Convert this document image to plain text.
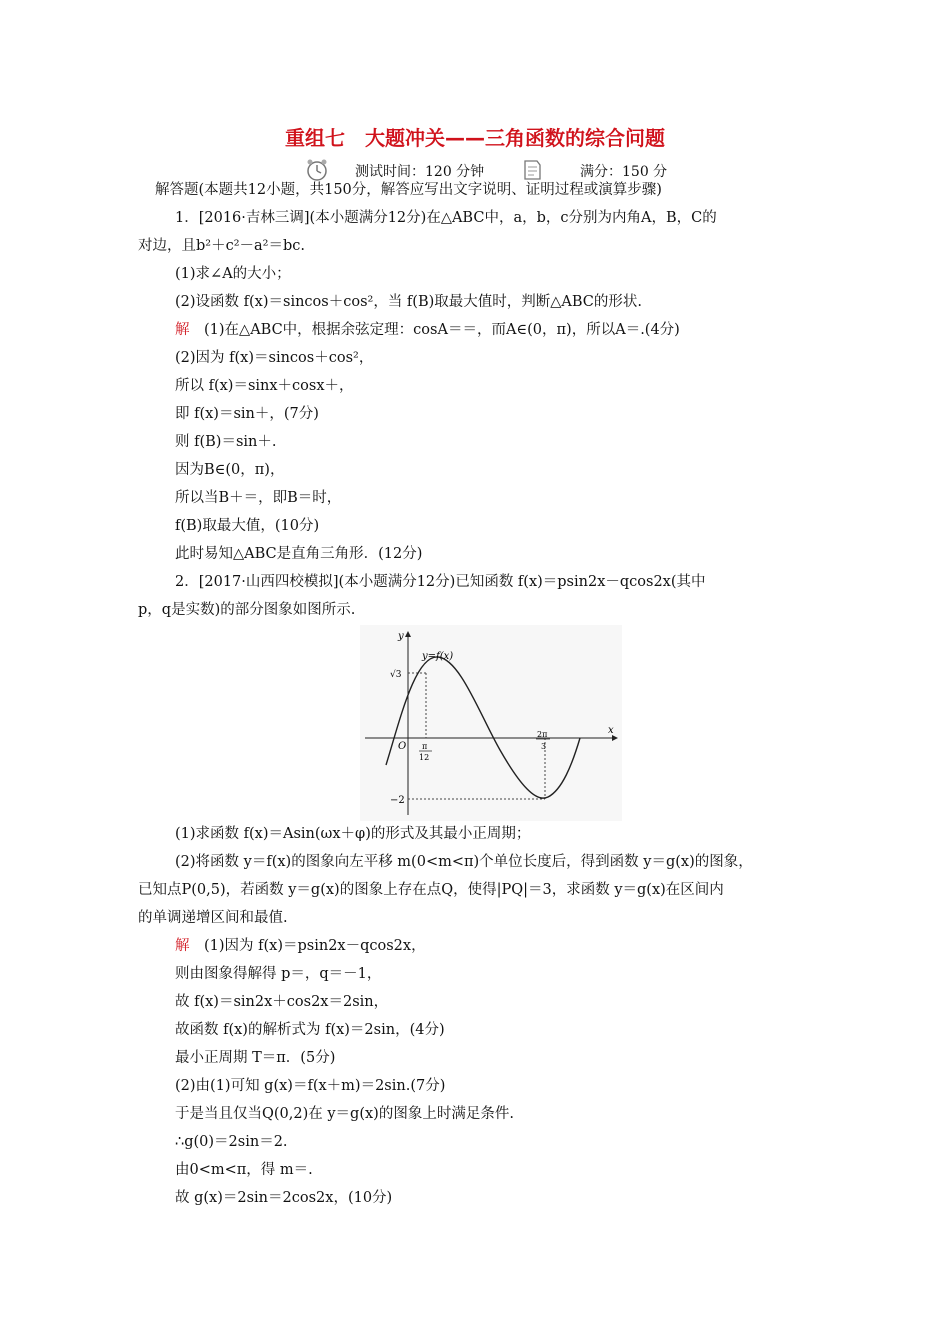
重组七　大题冲关——三角函数的综合问题
测试时间：120 分钟	满分：150 分
解答题(本题共12小题，共150分，解答应写出文字说明、证明过程或演算步骤)
1．[2016·吉林三调](本小题满分12分)在△ABC中，a，b，c分别为内角A，B，C的
对边，且b²＋c²－a²＝bc.
(1)求∠A的大小；
(2)设函数 f(x)＝sincos＋cos²，当 f(B)取最大值时，判断△ABC的形状.
解　(1)在△ABC中，根据余弦定理：cosA＝＝，而A∈(0，π)，所以A＝.(4分)
(2)因为 f(x)＝sincos＋cos²，
所以 f(x)＝sinx＋cosx＋，
即 f(x)＝sin＋，(7分)
则 f(B)＝sin＋.
因为B∈(0，π)，
所以当B＋＝，即B＝时，
f(B)取最大值，(10分)
此时易知△ABC是直角三角形．(12分)
2．[2017·山西四校模拟](本小题满分12分)已知函数 f(x)＝psin2x－qcos2x(其中
p，q是实数)的部分图象如图所示.
y
x
O
y=f(x)
√3
−2
π
12
2π
3
(1)求函数 f(x)＝Asin(ωx＋φ)的形式及其最小正周期；
(2)将函数 y＝f(x)的图象向左平移 m(0<m<π)个单位长度后，得到函数 y＝g(x)的图象，
已知点P(0,5)，若函数 y＝g(x)的图象上存在点Q，使得|PQ|＝3，求函数 y＝g(x)在区间内
的单调递增区间和最值.
解　(1)因为 f(x)＝psin2x－qcos2x，
则由图象得解得 p＝，q＝－1，
故 f(x)＝sin2x＋cos2x＝2sin，
故函数 f(x)的解析式为 f(x)＝2sin，(4分)
最小正周期 T＝π．(5分)
(2)由(1)可知 g(x)＝f(x＋m)＝2sin.(7分)
于是当且仅当Q(0,2)在 y＝g(x)的图象上时满足条件.
∴g(0)＝2sin＝2.
由0<m<π，得 m＝.
故 g(x)＝2sin＝2cos2x，(10分)
